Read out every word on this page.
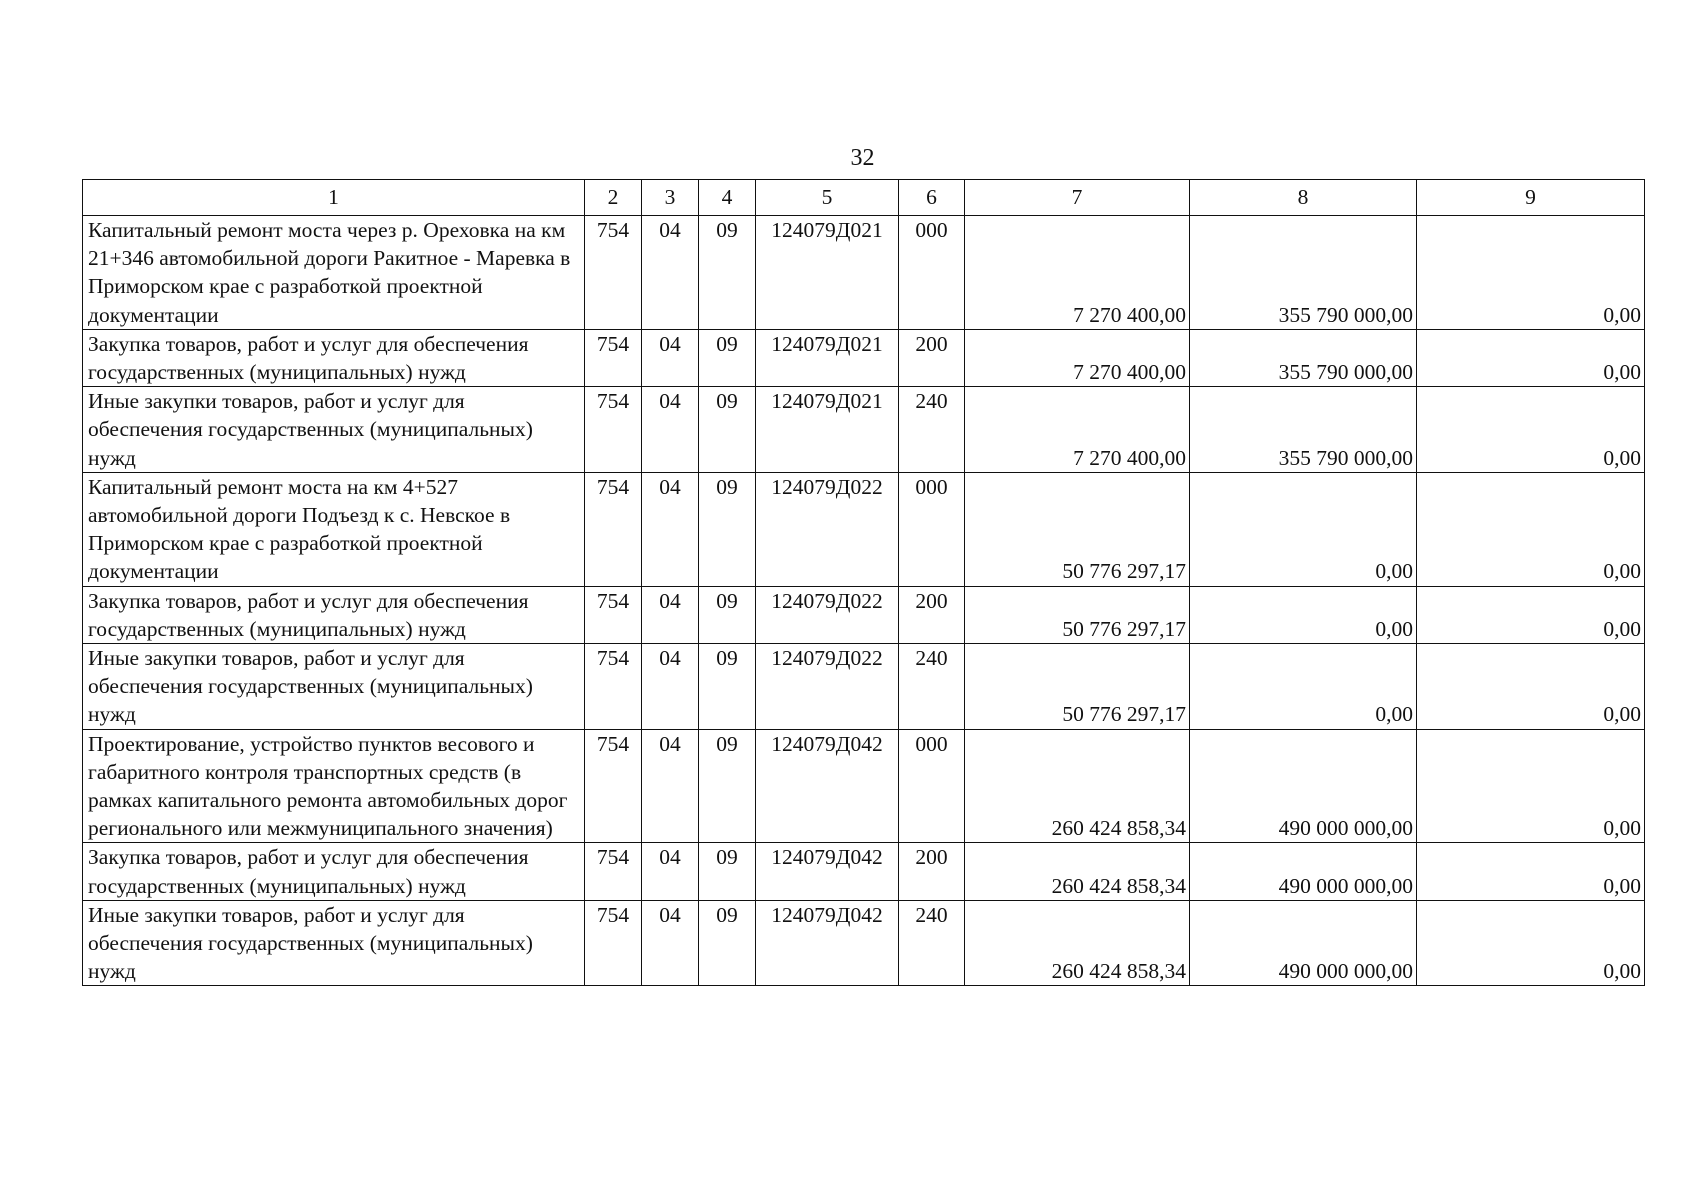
32
1	2	3	4	5	6	7	8	9
Капитальный ремонт моста через р. Ореховка на км 21+346 автомобильной дороги Ракитное - Маревка в Приморском крае с разработкой проектной документации	754	04	09	124079Д021	000	7 270 400,00	355 790 000,00	0,00
Закупка товаров, работ и услуг для обеспечения государственных (муниципальных) нужд	754	04	09	124079Д021	200	7 270 400,00	355 790 000,00	0,00
Иные закупки товаров, работ и услуг для обеспечения государственных (муниципальных) нужд	754	04	09	124079Д021	240	7 270 400,00	355 790 000,00	0,00
Капитальный ремонт моста на км 4+527 автомобильной дороги Подъезд к с. Невское в Приморском крае с разработкой проектной документации	754	04	09	124079Д022	000	50 776 297,17	0,00	0,00
Закупка товаров, работ и услуг для обеспечения государственных (муниципальных) нужд	754	04	09	124079Д022	200	50 776 297,17	0,00	0,00
Иные закупки товаров, работ и услуг для обеспечения государственных (муниципальных) нужд	754	04	09	124079Д022	240	50 776 297,17	0,00	0,00
Проектирование, устройство пунктов весового и габаритного контроля транспортных средств (в рамках капитального ремонта автомобильных дорог регионального или межмуниципального значения)	754	04	09	124079Д042	000	260 424 858,34	490 000 000,00	0,00
Закупка товаров, работ и услуг для обеспечения государственных (муниципальных) нужд	754	04	09	124079Д042	200	260 424 858,34	490 000 000,00	0,00
Иные закупки товаров, работ и услуг для обеспечения государственных (муниципальных) нужд	754	04	09	124079Д042	240	260 424 858,34	490 000 000,00	0,00
